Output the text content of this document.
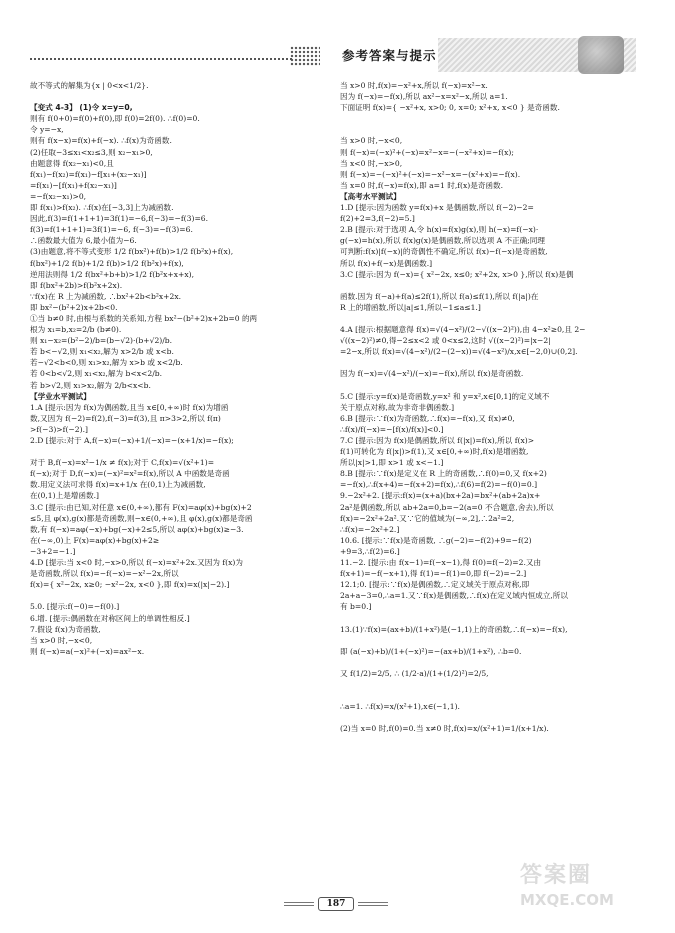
参考答案与提示
故不等式的解集为{x | 0<x<1/2}.
【变式 4-3】 (1)令 x=y=0,
则有 f(0+0)=f(0)+f(0),即 f(0)=2f(0). ∴f(0)=0.
令 y=−x,
则有 f(x−x)=f(x)+f(−x). ∴f(x)为奇函数.
(2)任取−3≤x₁<x₂≤3,则 x₂−x₁>0,
由题意得 f(x₂−x₁)<0,且
f(x₁)−f(x₂)=f(x₁)−f[x₁+(x₂−x₁)]
=f(x₁)−[f(x₁)+f(x₂−x₁)]
=−f(x₂−x₁)>0,
即 f(x₁)>f(x₂). ∴f(x)在[−3,3]上为减函数.
因此,f(3)=f(1+1+1)=3f(1)=−6,f(−3)=−f(3)=6.
f(3)=f(1+1+1)=3f(1)=−6, f(−3)=−f(3)=6.
∴函数最大值为 6,最小值为−6.
(3)由题意,将不等式变形 1/2 f(bx²)+f(b)>1/2 f(b²x)+f(x),
f(bx²)+1/2 f(b)+1/2 f(b)>1/2 f(b²x)+f(x),
逆用法则得 1/2 f(bx²+b+b)>1/2 f(b²x+x+x),
即 f(bx²+2b)>f(b²x+2x).
∵f(x)在 R 上为减函数, ∴bx²+2b<b²x+2x.
即 bx²−(b²+2)x+2b<0.
①当 b≠0 时,由根与系数的关系知,方程 bx²−(b²+2)x+2b=0 的两
根为 x₁=b,x₂=2/b (b≠0).
则 x₁−x₂=(b²−2)/b=(b−√2)·(b+√2)/b.
若 b<−√2,则 x₁<x₂,解为 x>2/b 或 x<b.
若−√2<b<0,则 x₁>x₂,解为 x>b 或 x<2/b.
若 0<b<√2,则 x₁<x₂,解为 b<x<2/b.
若 b>√2,则 x₁>x₂,解为 2/b<x<b.
【学业水平测试】
1.A [提示:因为 f(x)为偶函数,且当 x∈[0,+∞)时 f(x)为增函
数,又因为 f(−2)=f(2),f(−3)=f(3),且 π>3>2,所以 f(π)
>f(−3)>f(−2).]
2.D [提示:对于 A,f(−x)=(−x)+1/(−x)=−(x+1/x)=−f(x);
对于 B,f(−x)=x²−1/x ≠ f(x);对于 C,f(x)=√(x²+1)=
f(−x);对于 D,f(−x)=(−x)²=x²=f(x),所以 A 中函数是奇函
数.用定义法可求得 f(x)=x+1/x 在(0,1)上为减函数,
在(0,1)上是增函数.]
3.C [提示:由已知,对任意 x∈(0,+∞),都有 F(x)=aφ(x)+bg(x)+2
≤5,且 φ(x),g(x)都是奇函数,则−x∈(0,+∞),且 φ(x),g(x)都是奇函
数,有 f(−x)=aφ(−x)+bg(−x)+2≤5,所以 aφ(x)+bg(x)≥−3.
在(−∞,0)上 F(x)=aφ(x)+bg(x)+2≥
−3+2=−1.]
4.D [提示:当 x<0 时,−x>0,所以 f(−x)=x²+2x.又因为 f(x)为
是奇函数,所以 f(x)=−f(−x)=−x²−2x,所以
f(x)={ x²−2x, x≥0; −x²−2x, x<0 },即 f(x)=x(|x|−2).]
5.0. [提示:f(−0)=−f(0).]
6.增. [提示:偶函数在对称区间上的单调性相反.]
7.假设 f(x)为奇函数,
当 x>0 时,−x<0,
则 f(−x)=a(−x)²+(−x)=ax²−x.
当 x>0 时,f(x)=−x²+x,所以 f(−x)=x²−x.
因为 f(−x)=−f(x),所以 ax²−x=x²−x,所以 a=1.
下面证明 f(x)={ −x²+x, x>0; 0, x=0; x²+x, x<0 } 是奇函数.
当 x>0 时,−x<0,
则 f(−x)=(−x)²+(−x)=x²−x=−(−x²+x)=−f(x);
当 x<0 时,−x>0,
则 f(−x)=−(−x)²+(−x)=−x²−x=−(x²+x)=−f(x).
当 x=0 时,f(−x)=f(x),即 a=1 时,f(x)是奇函数.
【高考水平测试】
1.D [提示:因为函数 y=f(x)+x 是偶函数,所以 f(−2)−2=
f(2)+2=3,f(−2)=5.]
2.B [提示:对于选项 A,令 h(x)=f(x)g(x),则 h(−x)=f(−x)·
g(−x)=h(x),所以 f(x)g(x)是偶函数,所以选项 A 不正确;同理
可判断:f(x)|f(−x)|的奇偶性不确定,所以 f(x)−f(−x)是奇函数,
所以 f(x)+f(−x)是偶函数.]
3.C [提示:因为 f(−x)={ x²−2x, x≤0; x²+2x, x>0 },所以 f(x)是偶
函数.因为 f(−a)+f(a)≤2f(1),所以 f(a)≤f(1),所以 f(|a|)在
R 上的增函数,所以|a|≤1,所以−1≤a≤1.]
4.A [提示:根据题意得 f(x)=√(4−x²)/(2−√((x−2)²)),由 4−x²≥0,且 2−
√((x−2)²)≠0,得−2≤x<2 或 0<x≤2,这时 √((x−2)²)=|x−2|
=2−x,所以 f(x)=√(4−x²)/(2−(2−x))=√(4−x²)/x,x∈[−2,0)∪(0,2].
因为 f(−x)=√(4−x²)/(−x)=−f(x),所以 f(x)是奇函数.
5.C [提示:y=f(x)是奇函数,y=x² 和 y=x²,x∈[0,1]的定义域不
关于原点对称,故为非奇非偶函数.]
6.B [提示:∵f(x)为奇函数,∴f(x)=−f(x),又 f(x)≠0,
∴f(x)/f(−x)=−[f(x)/f(x)]<0.]
7.C [提示:因为 f(x)是偶函数,所以 f(|x|)=f(x),所以 f(x)>
f(1)可转化为 f(|x|)>f(1),又 x∈[0,+∞)时,f(x)是增函数,
所以|x|>1,即 x>1 或 x<−1.]
8.B [提示:∵f(x)是定义在 R 上的奇函数,∴f(0)=0,又 f(x+2)
=−f(x),∴f(x+4)=−f(x+2)=f(x),∴f(6)=f(2)=−f(0)=0.]
9.−2x²+2. [提示:f(x)=(x+a)(bx+2a)=bx²+(ab+2a)x+
2a²是偶函数,所以 ab+2a=0,b=−2(a=0 不合题意,舍去),所以
f(x)=−2x²+2a².又∵它的值域为(−∞,2],∴2a²=2,
∴f(x)=−2x²+2.]
10.6. [提示:∵f(x)是奇函数, ∴g(−2)=−f(2)+9=−f(2)
+9=3,∴f(2)=6.]
11.−2. [提示:由 f(x−1)=f(−x−1),得 f(0)=f(−2)=2.又由
f(x+1)=−f(−x+1),得 f(1)=−f(1)=0,即 f(−2)=−2.]
12.1;0. [提示:∵f(x)是偶函数,∴定义域关于原点对称,即
2a+a−3=0,∴a=1.又∵f(x)是偶函数,∴f(x)在定义域内恒成立,所以
有 b=0.]
13.(1)∵f(x)=(ax+b)/(1+x²)是(−1,1)上的奇函数,∴f(−x)=−f(x),
即 (a(−x)+b)/(1+(−x)²)=−(ax+b)/(1+x²), ∴b=0.
又 f(1/2)=2/5, ∴ (1/2·a)/(1+(1/2)²)=2/5,
∴a=1. ∴f(x)=x/(x²+1),x∈(−1,1).
(2)当 x=0 时,f(0)=0.当 x≠0 时,f(x)=x/(x²+1)=1/(x+1/x).
187
答案圈
MXQE.COM
